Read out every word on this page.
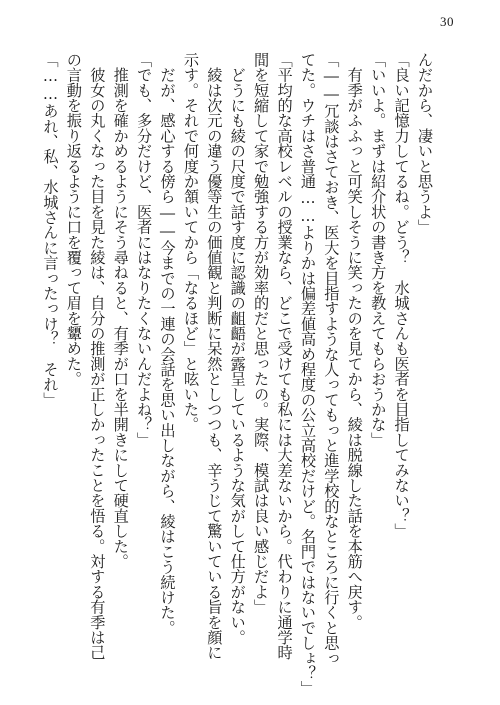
30
んだから、凄いと思うよ」
「良い記憶力してるね。どう？　水城さんも医者を目指してみない？」
「いいよ。まずは紹介状の書き方を教えてもらおうかな」
　有季がふふっと可笑しそうに笑ったのを見てから、綾は脱線した話を本筋へ戻す。
「――冗談はさておき、医大を目指すような人ってもっと進学校的なところに行くと思っ
てた。ウチはさ普通……よりかは偏差値高め程度の公立高校だけど。名門ではないでしょ？」
「平均的な高校レベルの授業なら、どこで受けても私には大差ないから。代わりに通学時
間を短縮して家で勉強する方が効率的だと思ったの。実際、模試は良い感じだよ」
　どうにも綾の尺度で話す度に認識の齟齬が露呈しているような気がして仕方がない。
　綾は次元の違う優等生の価値観と判断に呆然としつつも、辛うじて驚いている旨を顔に
示す。それで何度か頷いてから「なるほど」と呟いた。
　だが、感心する傍ら――今までの一連の会話を思い出しながら、綾はこう続けた。
「でも、多分だけど、医者にはなりたくないんだよね？」
　推測を確かめるようにそう尋ねると、有季が口を半開きにして硬直した。
　彼女の丸くなった目を見た綾は、自分の推測が正しかったことを悟る。対する有季は己
の言動を振り返るように口を覆って眉を顰めた。
「……あれ、私、水城さんに言ったっけ？　それ」
